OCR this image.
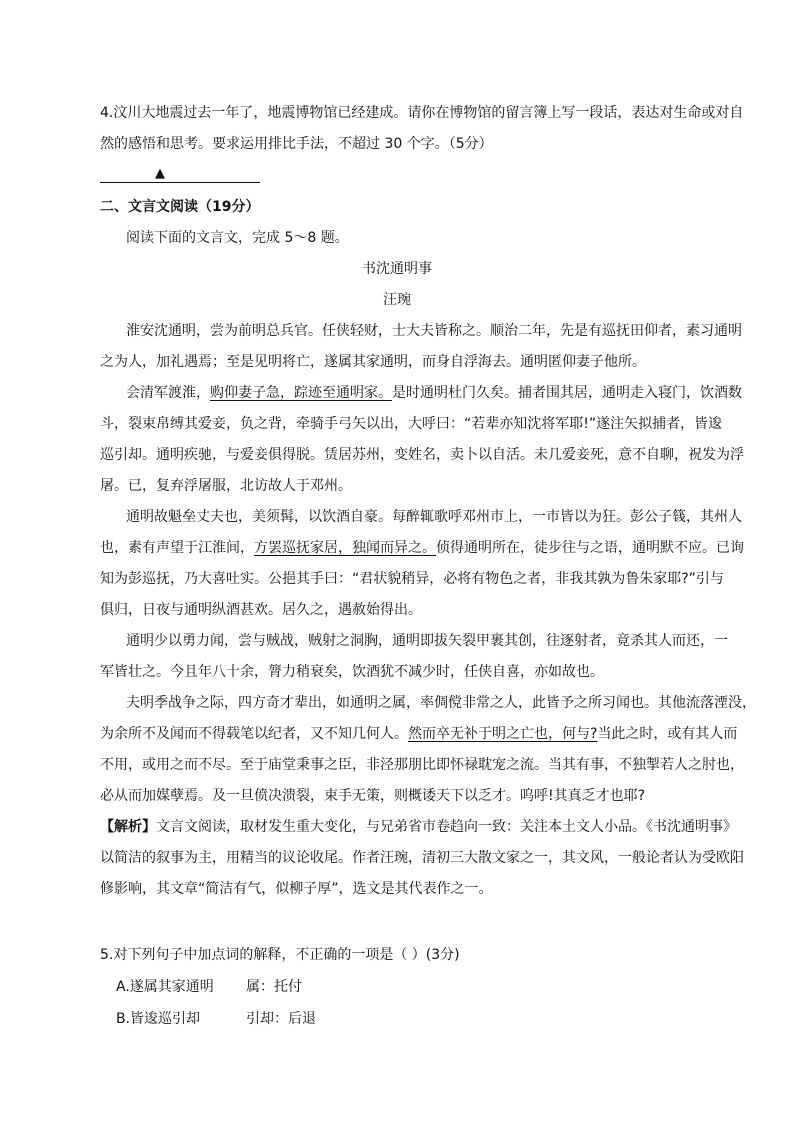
4.汶川大地震过去一年了，地震博物馆已经建成。请你在博物馆的留言簿上写一段话，表达对生命或对自
然的感悟和思考。要求运用排比手法，不超过 30 个字。（5分）
▲
二、文言文阅读（19分）
阅读下面的文言文，完成 5～8 题。
书沈通明事
汪琬
淮安沈通明，尝为前明总兵官。任侠轻财，士大夫皆称之。顺治二年，先是有巡抚田仰者，素习通明
之为人，加礼遇焉；至是见明将亡，遂属其家通明，而身自浮海去。通明匿仰妻子他所。
会清军渡淮，购仰妻子急，踪迹至通明家。是时通明杜门久矣。捕者围其居，通明走入寝门，饮酒数
斗，裂束帛缚其爱妾，负之背，牵骑手弓矢以出，大呼曰：“若辈亦知沈将军耶!”遂注矢拟捕者，皆逡
巡引却。通明疾驰，与爱妾俱得脱。赁居苏州，变姓名，卖卜以自活。未几爱妾死，意不自聊，祝发为浮
屠。已，复弃浮屠服，北访故人于邓州。
通明故魁垒丈夫也，美须髯，以饮酒自豪。每醉辄歌呼邓州市上，一市皆以为狂。彭公子篯，其州人
也，素有声望于江淮间，方罢巡抚家居，独闻而异之。侦得通明所在，徒步往与之语，通明默不应。已询
知为彭巡抚，乃大喜吐实。公挹其手曰：“君状貌稍异，必将有物色之者，非我其孰为鲁朱家耶?”引与
俱归，日夜与通明纵酒甚欢。居久之，遇赦始得出。
通明少以勇力闻，尝与贼战，贼射之洞胸，通明即拔矢裂甲裹其创，往逐射者，竟杀其人而还，一
军皆壮之。今且年八十余，膂力稍衰矣，饮酒犹不减少时，任侠自喜，亦如故也。
夫明季战争之际，四方奇才辈出，如通明之属，率倜傥非常之人，此皆予之所习闻也。其他流落湮没，
为余所不及闻而不得载笔以纪者，又不知几何人。然而卒无补于明之亡也，何与?当此之时，或有其人而
不用，或用之而不尽。至于庙堂秉事之臣，非泾那朋比即怀禄耽宠之流。当其有事，不独掣若人之肘也，
必从而加媒孽焉。及一旦偾决溃裂，束手无策，则概诿天下以乏才。呜呼!其真乏才也耶?
【解析】文言文阅读，取材发生重大变化，与兄弟省市卷趋向一致：关注本土文人小品。《书沈通明事》
以简洁的叙事为主，用精当的议论收尾。作者汪琬，清初三大散文家之一，其文风，一般论者认为受欧阳
修影响，其文章“简洁有气，似柳子厚”，选文是其代表作之一。
5.对下列句子中加点词的解释，不正确的一项是（ ）(3分)
A.遂属其家通明 属：托付
B.皆逡巡引却	引却：后退
